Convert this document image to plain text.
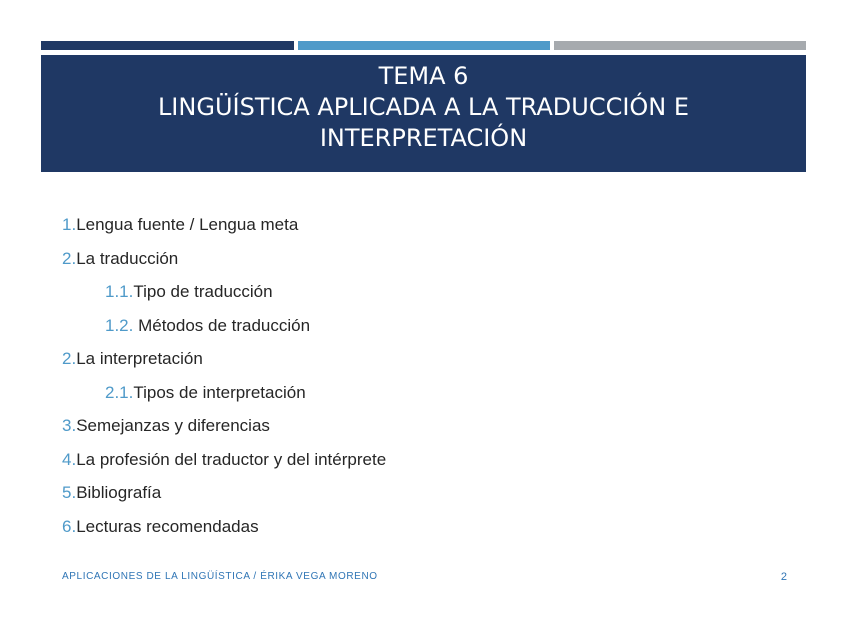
TEMA 6
LINGÜÍSTICA APLICADA A LA TRADUCCIÓN E
INTERPRETACIÓN
1.Lengua fuente / Lengua meta
2.La traducción
1.1.Tipo de traducción
1.2. Métodos de traducción
2.La interpretación
2.1.Tipos de interpretación
3.Semejanzas y diferencias
4.La profesión del traductor y del intérprete
5.Bibliografía
6.Lecturas recomendadas
APLICACIONES DE LA LINGÜÍSTICA / ÉRIKA VEGA MORENO	2
